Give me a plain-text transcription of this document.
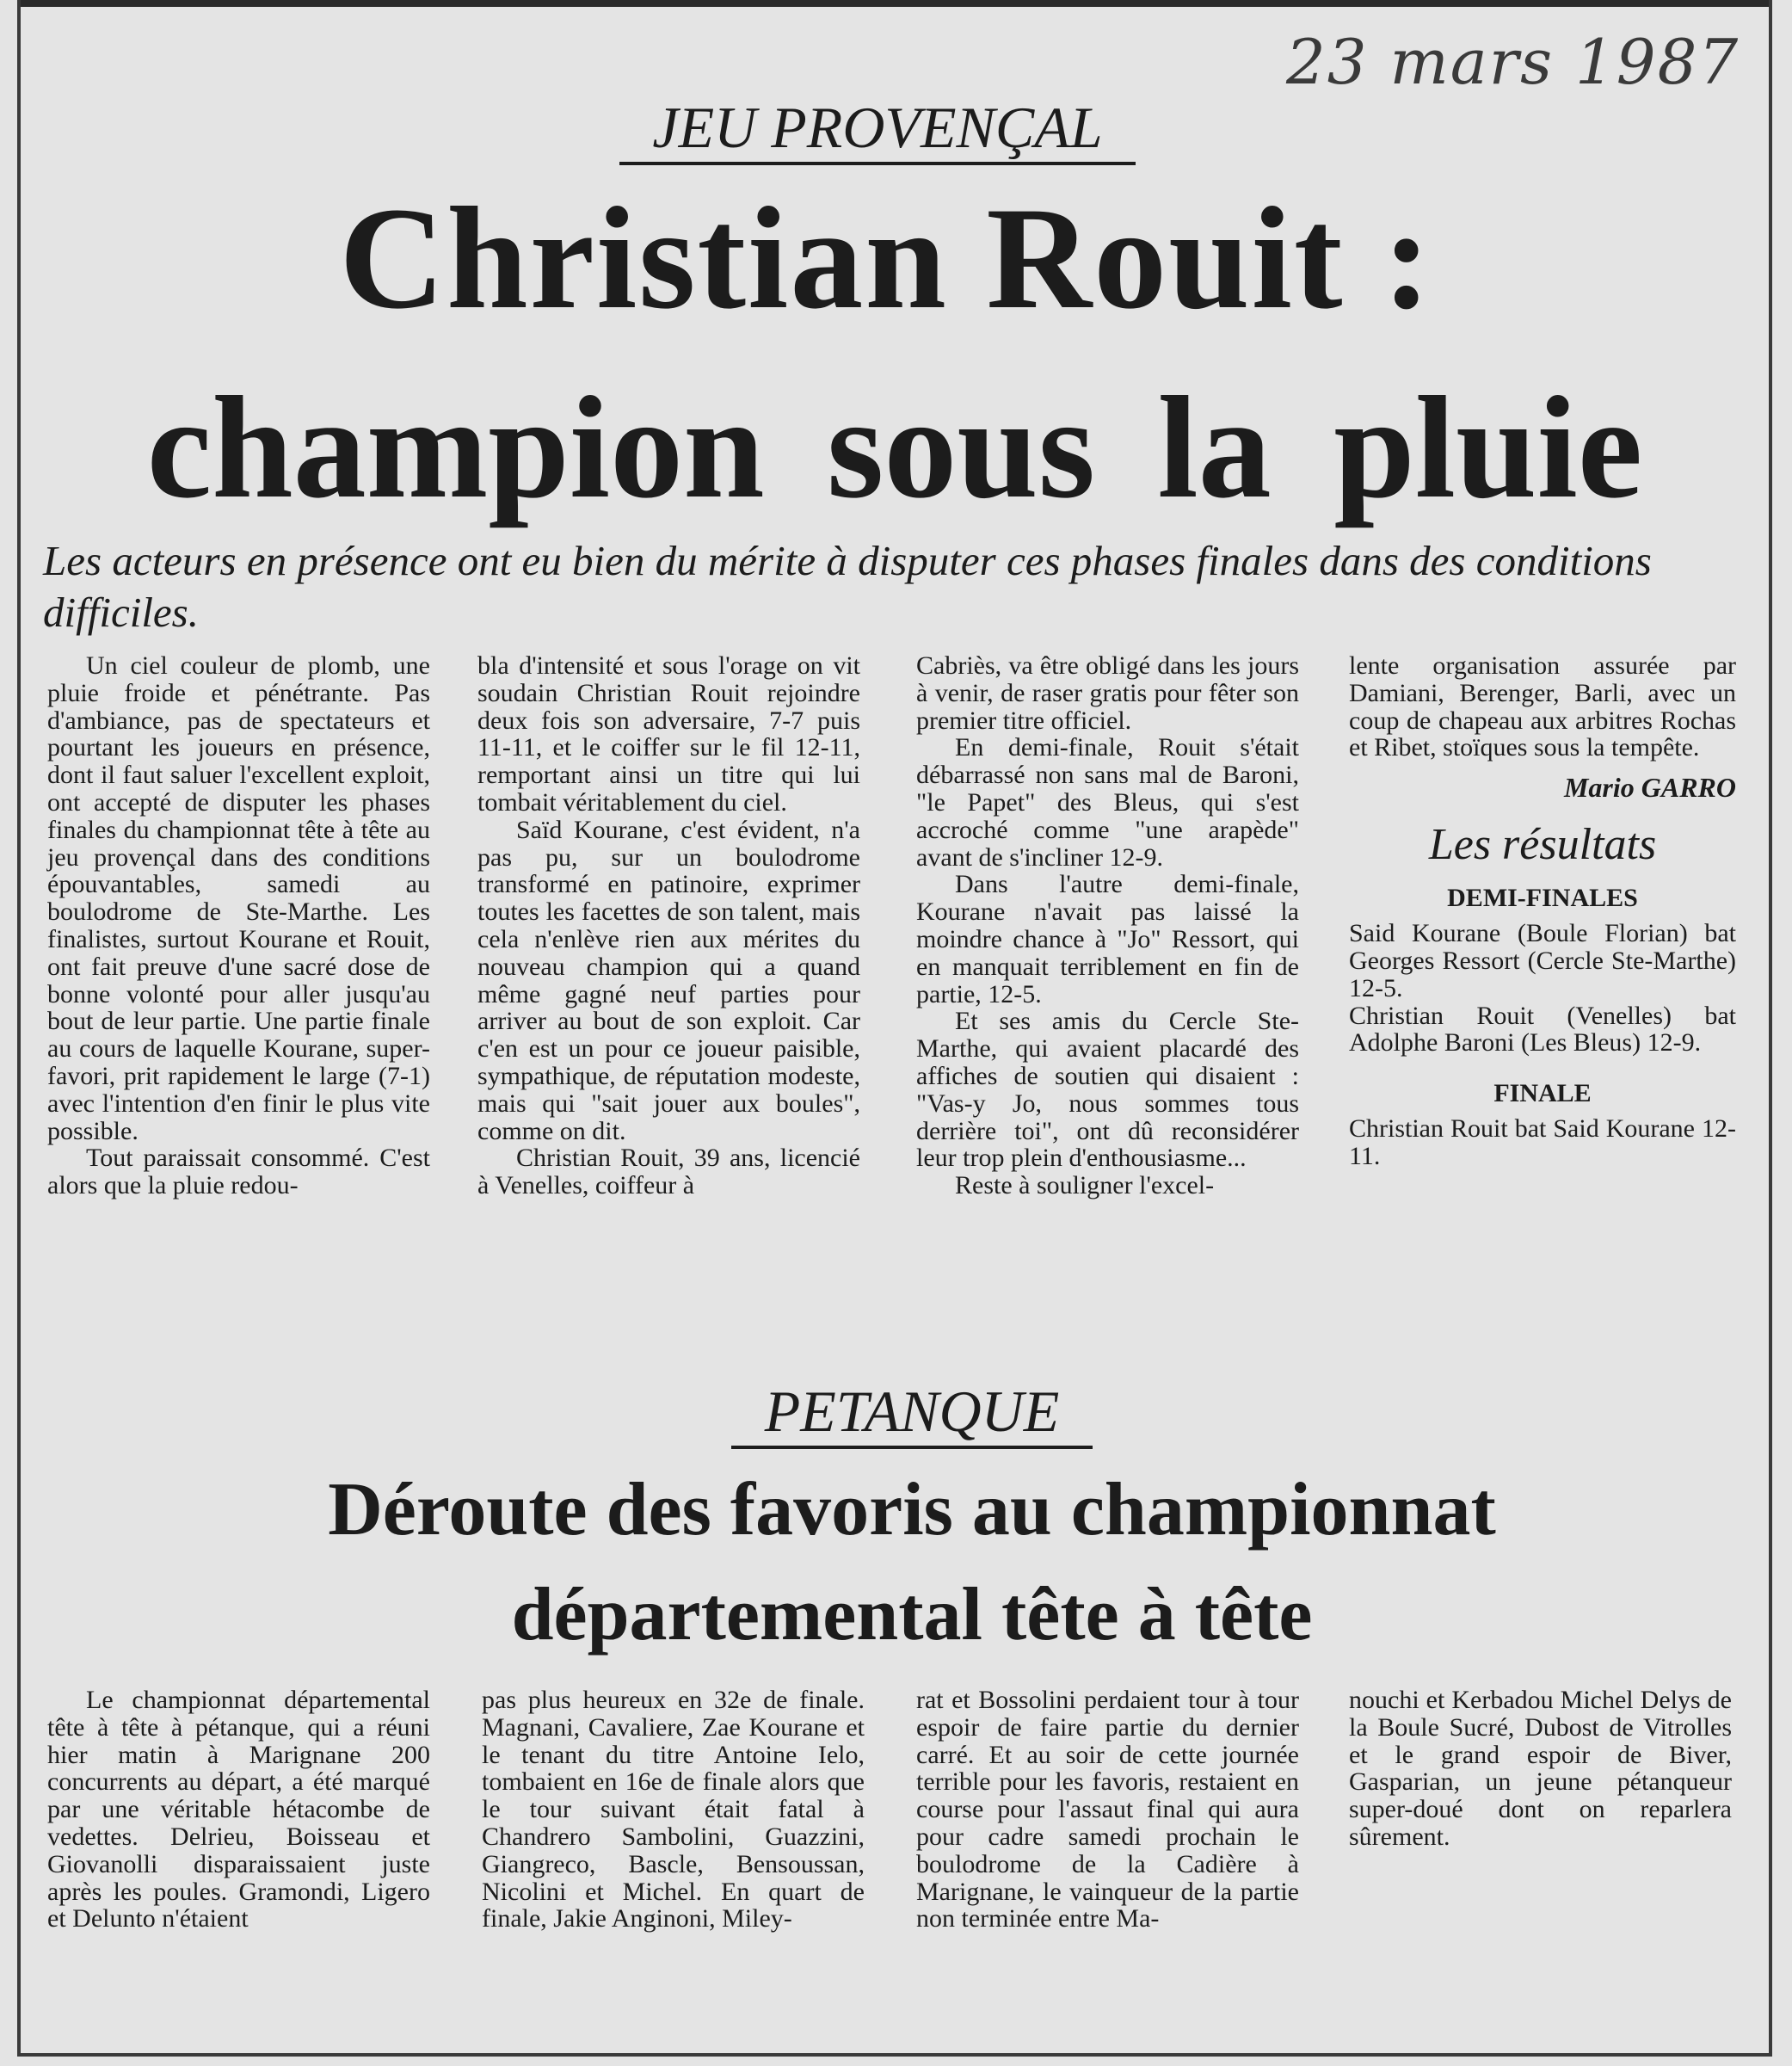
23 mars 1987
JEU PROVENÇAL
Christian Rouit :
champion sous la pluie
Les acteurs en présence ont eu bien du mérite à disputer ces phases finales dans des conditions difficiles.

Un ciel couleur de plomb, une pluie froide et pénétrante. Pas d'ambiance, pas de spectateurs et pourtant les joueurs en présence, dont il faut saluer l'excellent exploit, ont accepté de disputer les phases finales du championnat tête à tête au jeu provençal dans des conditions épouvantables, samedi au boulodrome de Ste-Marthe. Les finalistes, surtout Kourane et Rouit, ont fait preuve d'une sacré dose de bonne volonté pour aller jusqu'au bout de leur partie. Une partie finale au cours de laquelle Kourane, super-favori, prit rapidement le large (7-1) avec l'intention d'en finir le plus vite possible.

Tout paraissait consommé. C'est alors que la pluie redou-

bla d'intensité et sous l'orage on vit soudain Christian Rouit rejoindre deux fois son adversaire, 7-7 puis 11-11, et le coiffer sur le fil 12-11, remportant ainsi un titre qui lui tombait véritablement du ciel.

Saïd Kourane, c'est évident, n'a pas pu, sur un boulodrome transformé en patinoire, exprimer toutes les facettes de son talent, mais cela n'enlève rien aux mérites du nouveau champion qui a quand même gagné neuf parties pour arriver au bout de son exploit. Car c'en est un pour ce joueur paisible, sympathique, de réputation modeste, mais qui "sait jouer aux boules", comme on dit.

Christian Rouit, 39 ans, licencié à Venelles, coiffeur à

Cabriès, va être obligé dans les jours à venir, de raser gratis pour fêter son premier titre officiel.

En demi-finale, Rouit s'était débarrassé non sans mal de Baroni, "le Papet" des Bleus, qui s'est accroché comme "une arapède" avant de s'incliner 12-9.

Dans l'autre demi-finale, Kourane n'avait pas laissé la moindre chance à "Jo" Ressort, qui en manquait terriblement en fin de partie, 12-5.

Et ses amis du Cercle Ste-Marthe, qui avaient placardé des affiches de soutien qui disaient : "Vas-y Jo, nous sommes tous derrière toi", ont dû reconsidérer leur trop plein d'enthousiasme...

Reste à souligner l'excel-

lente organisation assurée par Damiani, Berenger, Barli, avec un coup de chapeau aux arbitres Rochas et Ribet, stoïques sous la tempête.

Mario GARRO
Les résultats
DEMI-FINALES

Said Kourane (Boule Florian) bat Georges Ressort (Cercle Ste-Marthe) 12-5.

Christian Rouit (Venelles) bat Adolphe Baroni (Les Bleus) 12-9.

FINALE

Christian Rouit bat Said Kourane 12-11.

PETANQUE
Déroute des favoris au championnat
départemental tête à tête

Le championnat départemental tête à tête à pétanque, qui a réuni hier matin à Marignane 200 concurrents au départ, a été marqué par une véritable hétacombe de vedettes. Delrieu, Boisseau et Giovanolli disparaissaient juste après les poules. Gramondi, Ligero et Delunto n'étaient

pas plus heureux en 32e de finale. Magnani, Cavaliere, Zae Kourane et le tenant du titre Antoine Ielo, tombaient en 16e de finale alors que le tour suivant était fatal à Chandrero Sambolini, Guazzini, Giangreco, Bascle, Bensoussan, Nicolini et Michel. En quart de finale, Jakie Anginoni, Miley-

rat et Bossolini perdaient tour à tour espoir de faire partie du dernier carré. Et au soir de cette journée terrible pour les favoris, restaient en course pour l'assaut final qui aura pour cadre samedi prochain le boulodrome de la Cadière à Marignane, le vainqueur de la partie non terminée entre Ma-

nouchi et Kerbadou Michel Delys de la Boule Sucré, Dubost de Vitrolles et le grand espoir de Biver, Gasparian, un jeune pétanqueur super-doué dont on reparlera sûrement.
